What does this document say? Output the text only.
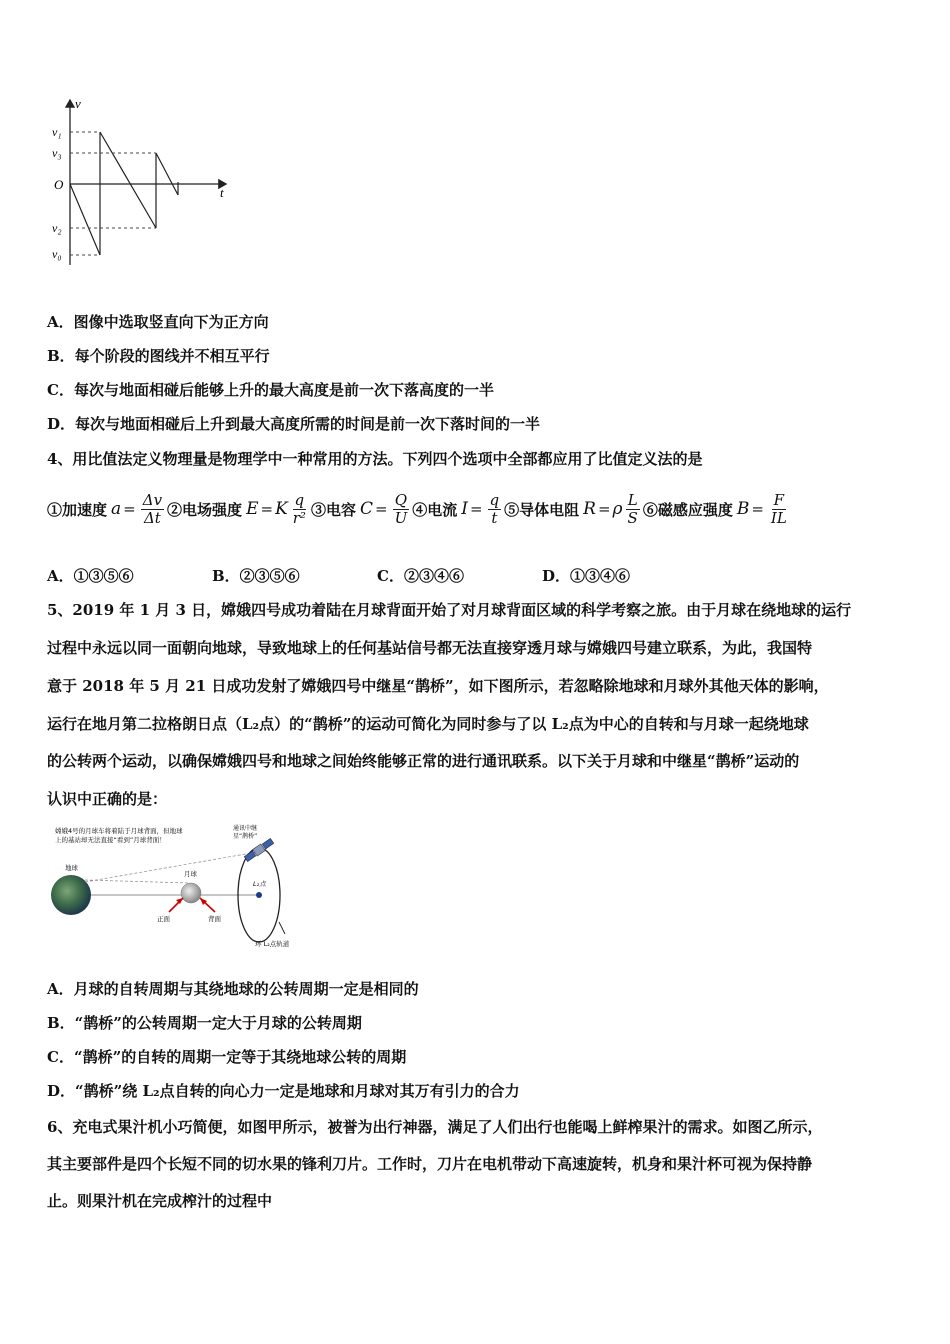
v
t
O
v₁
v₃
v₂
v₀
A．图像中选取竖直向下为正方向
B．每个阶段的图线并不相互平行
C．每次与地面相碰后能够上升的最大高度是前一次下落高度的一半
D．每次与地面相碰后上升到最大高度所需的时间是前一次下落时间的一半
4、用比值法定义物理量是物理学中一种常用的方法。下列四个选项中全部都应用了比值定义法的是
①加速度 $a = \frac{\Delta v}{\Delta t}$ ②电场强度 E = K $\frac{q}{\text{r²}}$ ③电容 $C = \frac{Q}{U}$ ④电流 $I = \frac{q}{t}$ ⑤导体电阻 R = ρ $\frac{L}{S}$ ⑥磁感应强度 $B = \frac{F}{IL}$
A．①③⑤⑥	B．②③⑤⑥	C．②③④⑥	D．①③④⑥
5、2019 年 1 月 3 日，嫦娥四号成功着陆在月球背面开始了对月球背面区域的科学考察之旅。由于月球在绕地球的运行
过程中永远以同一面朝向地球，导致地球上的任何基站信号都无法直接穿透月球与嫦娥四号建立联系，为此，我国特
意于 2018 年 5 月 21 日成功发射了嫦娥四号中继星“鹊桥”，如下图所示，若忽略除地球和月球外其他天体的影响，
运行在地月第二拉格朗日点（L₂点）的“鹊桥”的运动可简化为同时参与了以 L₂点为中心的自转和与月球一起绕地球
的公转两个运动，以确保嫦娥四号和地球之间始终能够正常的进行通讯联系。以下关于月球和中继星“鹊桥”运动的
认识中正确的是：
嫦娥4号的月球车将着陆于月球背面，但地球
上的基站却无法直接“看到”月球背面！
通讯中继
星“鹊桥”
地球
月球
L₂点
正面	背面
环 L₂点轨道
A．月球的自转周期与其绕地球的公转周期一定是相同的
B．“鹊桥”的公转周期一定大于月球的公转周期
C．“鹊桥”的自转的周期一定等于其绕地球公转的周期
D．“鹊桥”绕 L₂点自转的向心力一定是地球和月球对其万有引力的合力
6、充电式果汁机小巧简便，如图甲所示，被誉为出行神器，满足了人们出行也能喝上鲜榨果汁的需求。如图乙所示，
其主要部件是四个长短不同的切水果的锋利刀片。工作时，刀片在电机带动下高速旋转，机身和果汁杯可视为保持静
止。则果汁机在完成榨汁的过程中
